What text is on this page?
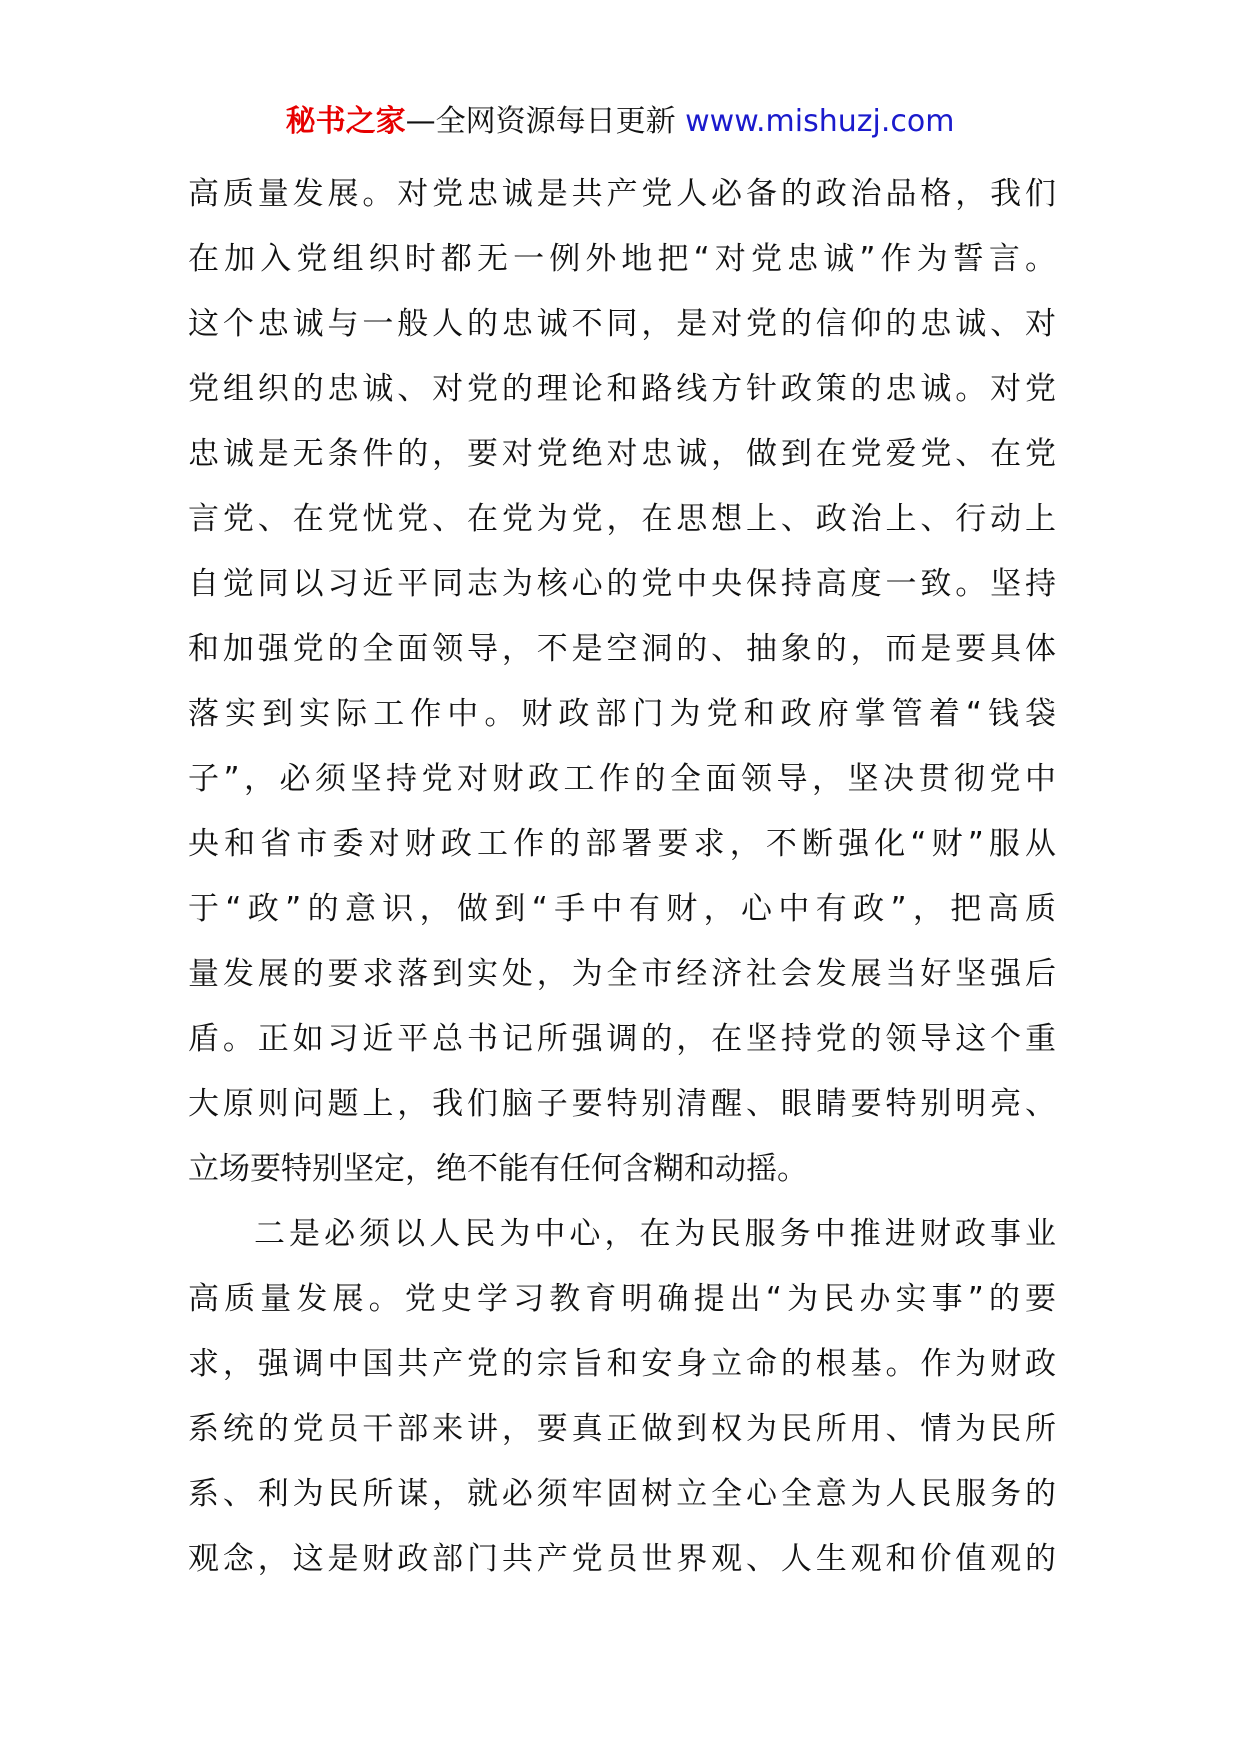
秘书之家—全网资源每日更新 www.mishuzj.com
高质量发展。对党忠诚是共产党人必备的政治品格，我们
在加入党组织时都无一例外地把“对党忠诚”作为誓言。
这个忠诚与一般人的忠诚不同，是对党的信仰的忠诚、对
党组织的忠诚、对党的理论和路线方针政策的忠诚。对党
忠诚是无条件的，要对党绝对忠诚，做到在党爱党、在党
言党、在党忧党、在党为党，在思想上、政治上、行动上
自觉同以习近平同志为核心的党中央保持高度一致。坚持
和加强党的全面领导，不是空洞的、抽象的，而是要具体
落实到实际工作中。财政部门为党和政府掌管着“钱袋
子”，必须坚持党对财政工作的全面领导，坚决贯彻党中
央和省市委对财政工作的部署要求，不断强化“财”服从
于“政”的意识，做到“手中有财，心中有政”，把高质
量发展的要求落到实处，为全市经济社会发展当好坚强后
盾。正如习近平总书记所强调的，在坚持党的领导这个重
大原则问题上，我们脑子要特别清醒、眼睛要特别明亮、
立场要特别坚定，绝不能有任何含糊和动摇。
二是必须以人民为中心，在为民服务中推进财政事业
高质量发展。党史学习教育明确提出“为民办实事”的要
求，强调中国共产党的宗旨和安身立命的根基。作为财政
系统的党员干部来讲，要真正做到权为民所用、情为民所
系、利为民所谋，就必须牢固树立全心全意为人民服务的
观念，这是财政部门共产党员世界观、人生观和价值观的
